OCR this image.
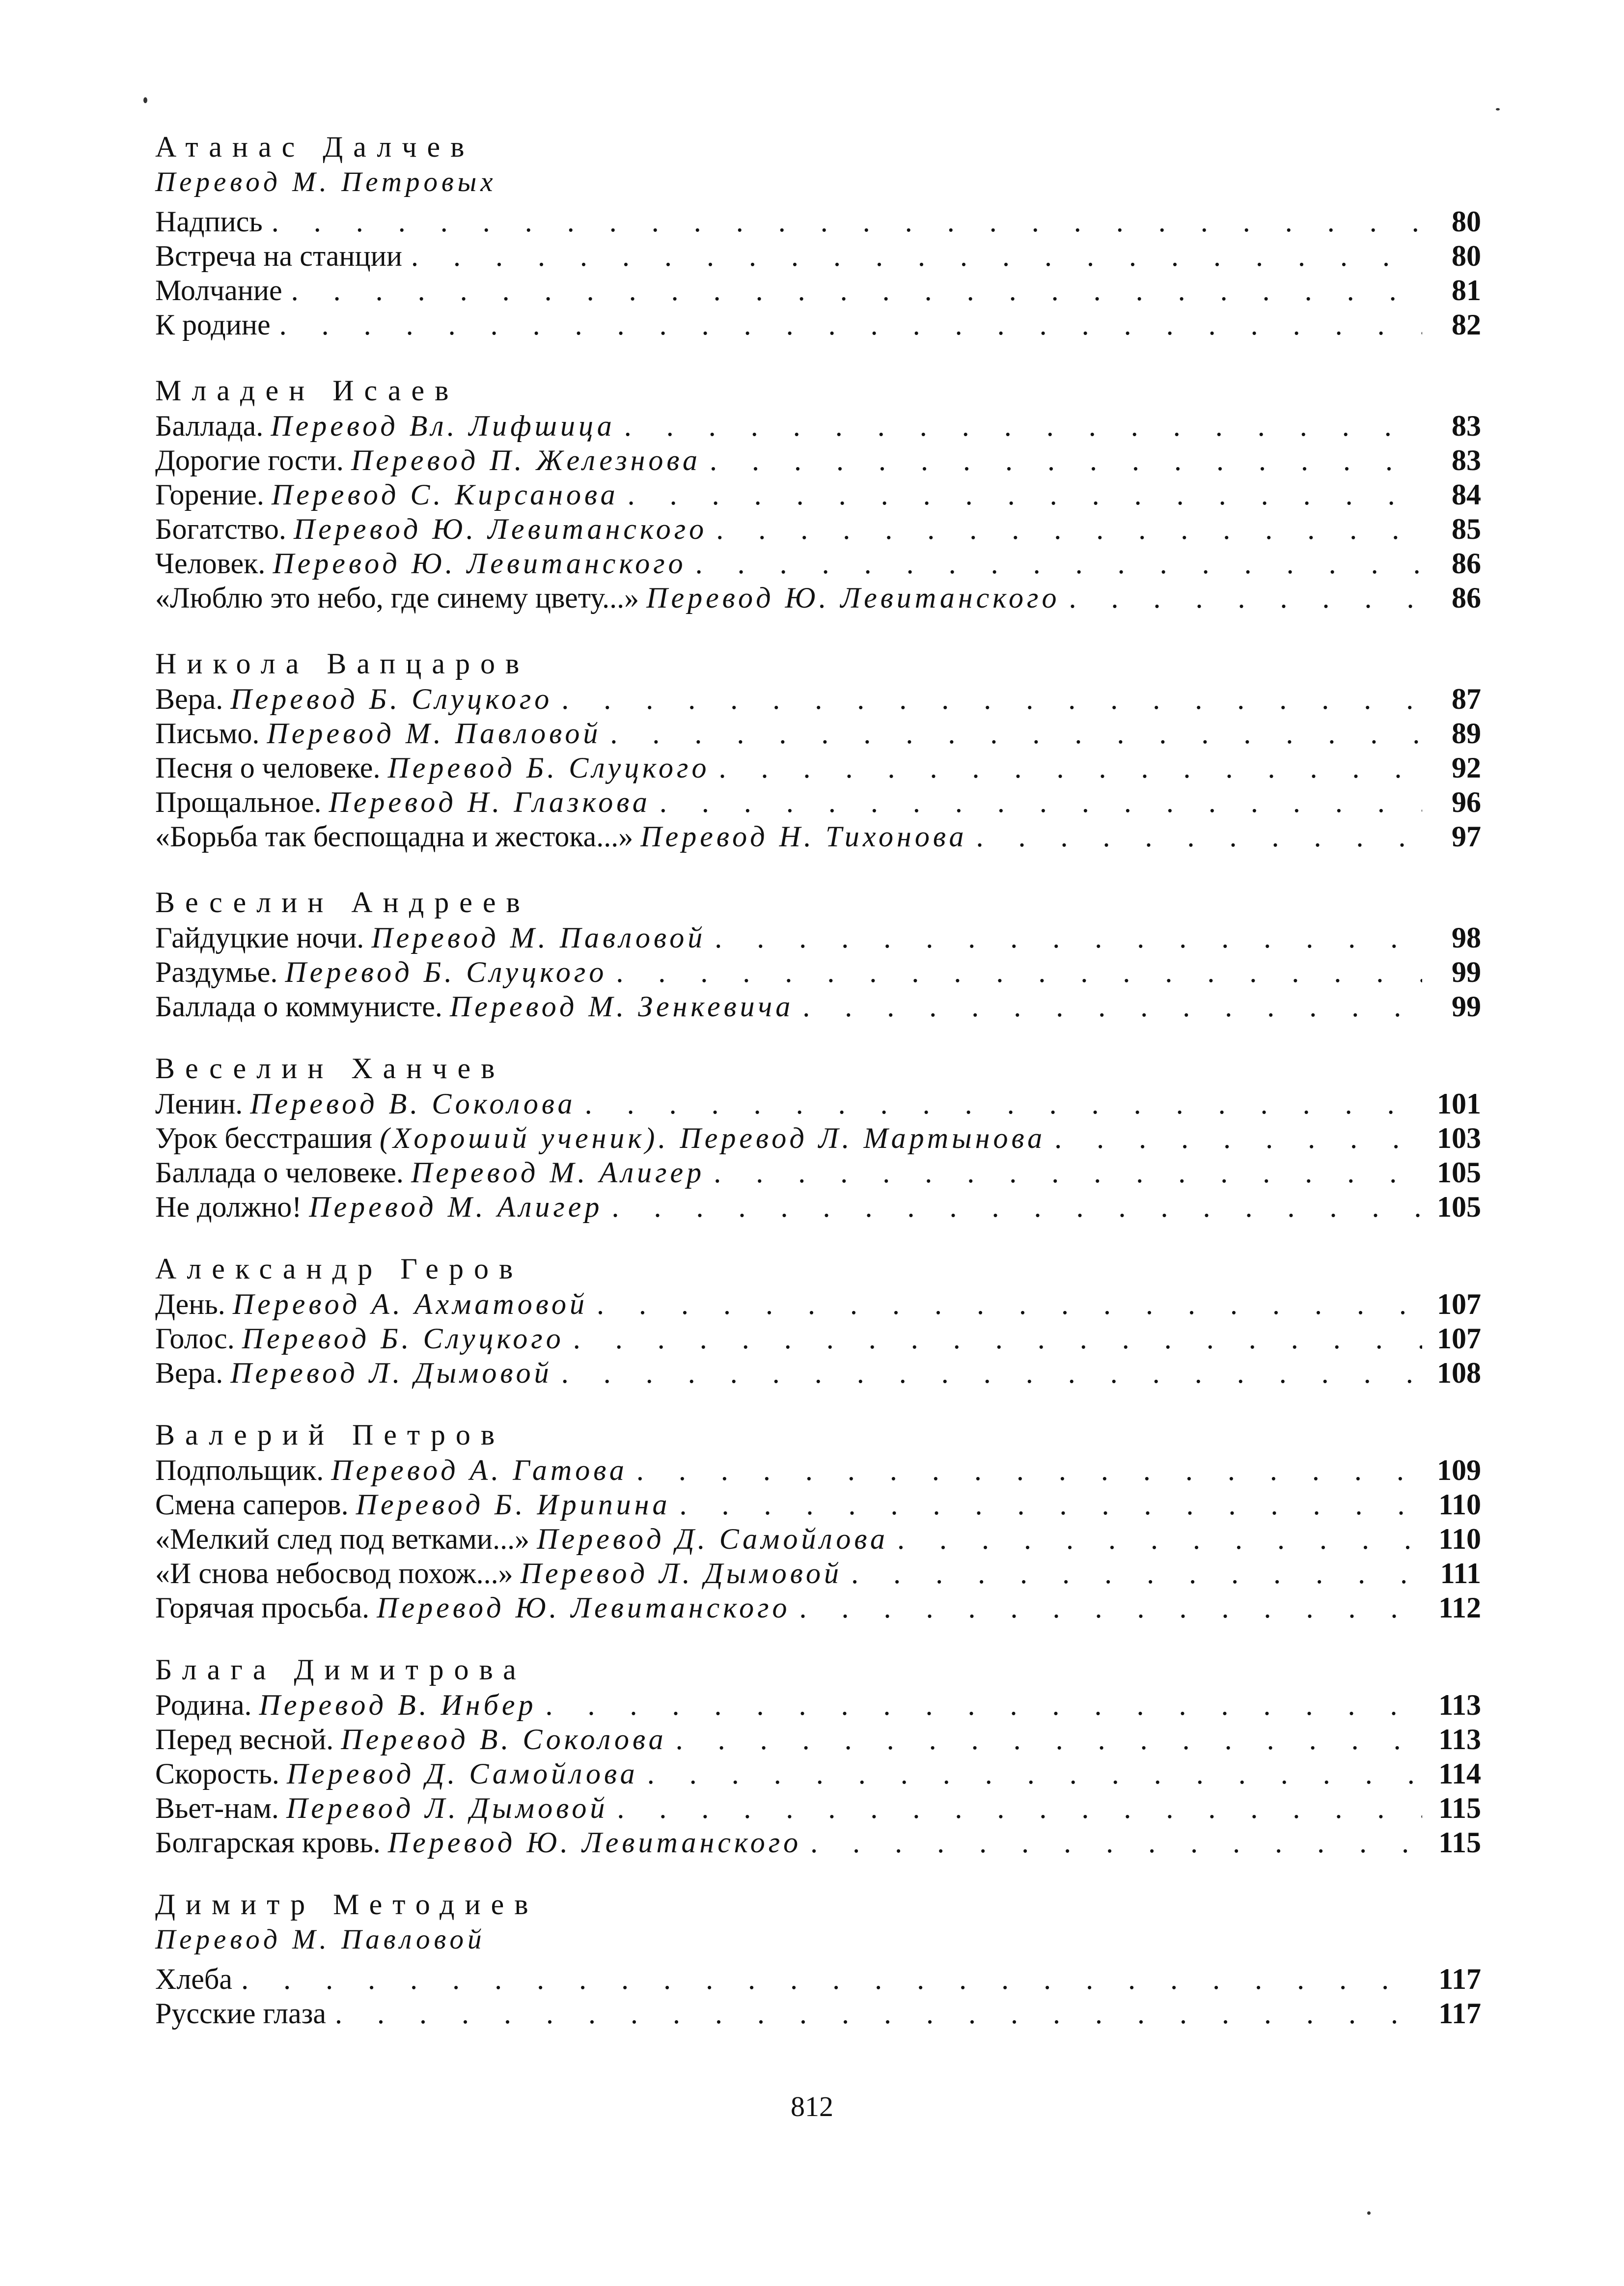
Атанас Далчев
Перевод М. Петровых
Надпись . . .	80
Встреча на станции . . .	80
Молчание . . .	81
К родине . . .	82
Младен Исаев
Баллада. Перевод Вл. Лифшица . . .	83
Дорогие гости. Перевод П. Железнова . . .	83
Горение. Перевод С. Кирсанова . . .	84
Богатство. Перевод Ю. Левитанского . . .	85
Человек. Перевод Ю. Левитанского . . .	86
«Люблю это небо, где синему цвету...» Перевод Ю. Левитанского . . .	86
Никола Вапцаров
Вера. Перевод Б. Слуцкого . . .	87
Письмо. Перевод М. Павловой . . .	89
Песня о человеке. Перевод Б. Слуцкого . . .	92
Прощальное. Перевод Н. Глазкова . . .	96
«Борьба так беспощадна и жестока...» Перевод Н. Тихонова . . .	97
Веселин Андреев
Гайдуцкие ночи. Перевод М. Павловой . . .	98
Раздумье. Перевод Б. Слуцкого . . .	99
Баллада о коммунисте. Перевод М. Зенкевича . . .	99
Веселин Ханчев
Ленин. Перевод В. Соколова . . .	101
Урок бесстрашия (Хороший ученик). Перевод Л. Мартынова . . .	103
Баллада о человеке. Перевод М. Алигер . . .	105
Не должно! Перевод М. Алигер . . .	105
Александр Геров
День. Перевод А. Ахматовой . . .	107
Голос. Перевод Б. Слуцкого . . .	107
Вера. Перевод Л. Дымовой . . .	108
Валерий Петров
Подпольщик. Перевод А. Гатова . . .	109
Смена саперов. Перевод Б. Ирипина . . .	110
«Мелкий след под ветками...» Перевод Д. Самойлова . . .	110
«И снова небосвод похож...» Перевод Л. Дымовой . . .	111
Горячая просьба. Перевод Ю. Левитанского . . .	112
Блага Димитрова
Родина. Перевод В. Инбер . . .	113
Перед весной. Перевод В. Соколова . . .	113
Скорость. Перевод Д. Самойлова . . .	114
Вьет-нам. Перевод Л. Дымовой . . .	115
Болгарская кровь. Перевод Ю. Левитанского . . .	115
Димитр Методиев
Перевод М. Павловой
Хлеба . . .	117
Русские глаза . . .	117
812
